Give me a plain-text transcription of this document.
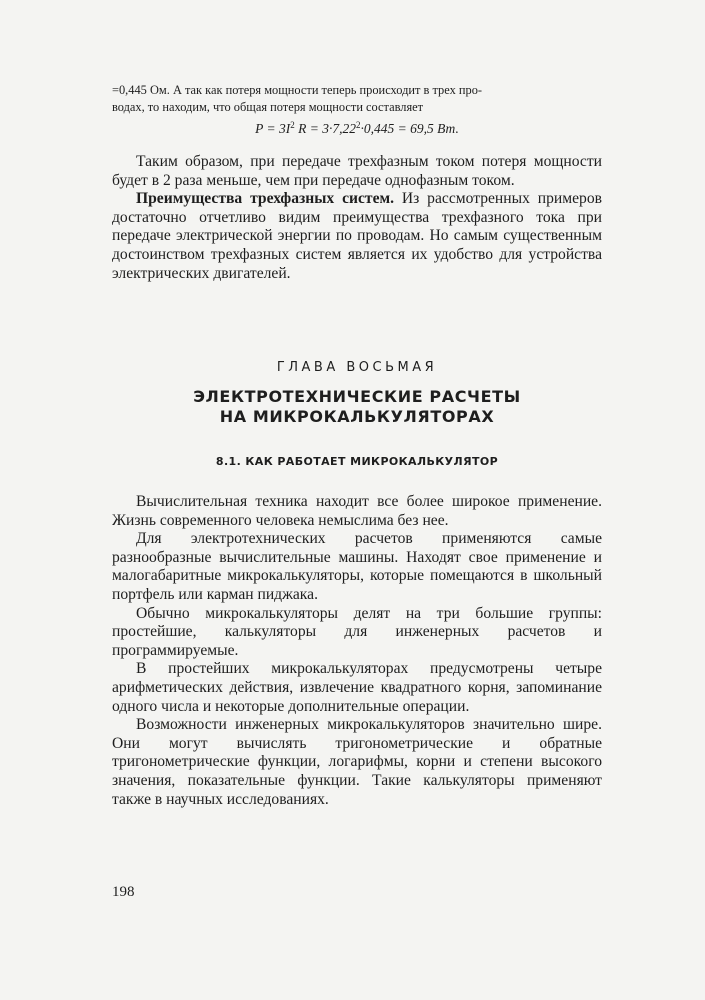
=0,445 Ом. А так как потеря мощности теперь происходит в трех про-

водах, то находим, что общая потеря мощности составляет

$P = 3I^2$ $R = 3\cdot 7,22^2\cdot 0,445 = 69,5$ Вт.

Таким образом, при передаче трехфазным током потеря мощности будет в 2 раза меньше, чем при передаче однофазным током.

Преимущества трехфазных систем. Из рассмотренных примеров достаточно отчетливо видим преимущества трехфазного тока при передаче электрической энергии по проводам. Но самым существенным достоинством трехфазных систем является их удобство для устройства электрических двигателей.

ГЛАВА ВОСЬМАЯ
ЭЛЕКТРОТЕХНИЧЕСКИЕ РАСЧЕТЫ
НА МИКРОКАЛЬКУЛЯТОРАХ
8.1. КАК РАБОТАЕТ МИКРОКАЛЬКУЛЯТОР

Вычислительная техника находит все более широкое применение. Жизнь современного человека немыслима без нее.

Для электротехнических расчетов применяются самые разнообразные вычислительные машины. Находят свое применение и малогабаритные микрокалькуляторы, которые помещаются в школьный портфель или карман пиджака.

Обычно микрокалькуляторы делят на три большие группы: простейшие, калькуляторы для инженерных расчетов и программируемые.

В простейших микрокалькуляторах предусмотрены четыре арифметических действия, извлечение квадратного корня, запоминание одного числа и некоторые дополнительные операции.

Возможности инженерных микрокалькуляторов значительно шире. Они могут вычислять тригонометрические и обратные тригонометрические функции, логарифмы, корни и степени высокого значения, показательные функции. Такие калькуляторы применяют также в научных исследованиях.

198
